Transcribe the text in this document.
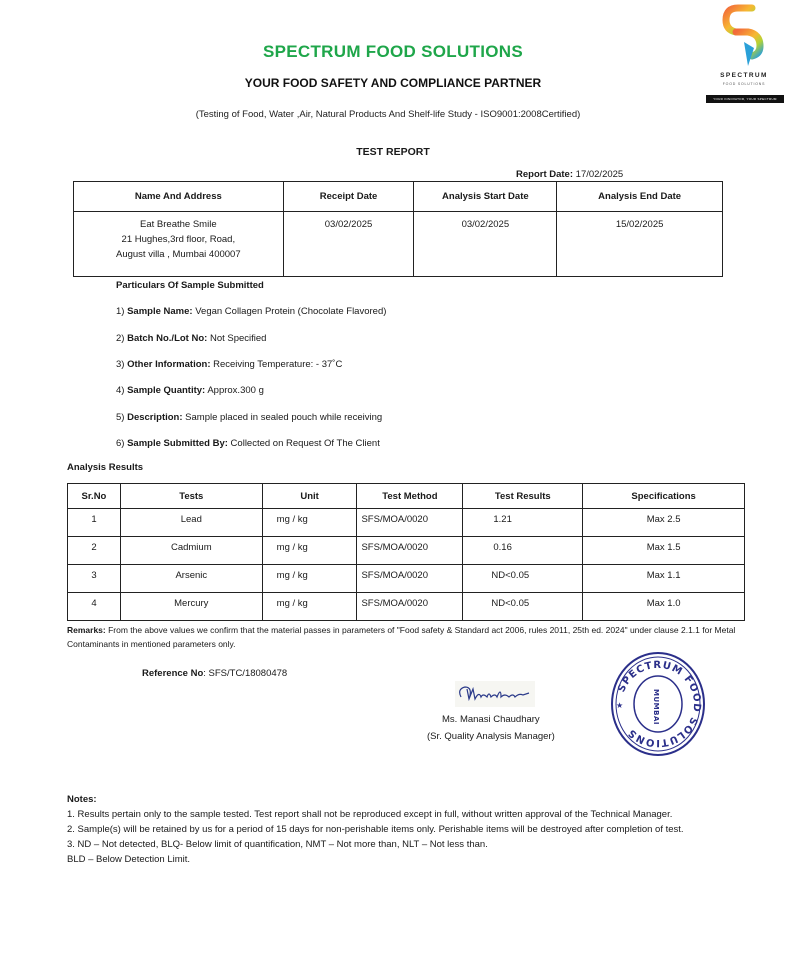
SPECTRUM
FOOD SOLUTIONS
YOUR INNOVATOR, YOUR SPECTRUM
SPECTRUM FOOD SOLUTIONS
YOUR FOOD SAFETY AND COMPLIANCE PARTNER
(Testing of Food, Water ,Air, Natural Products And Shelf-life Study - ISO9001:2008Certified)
TEST REPORT
Report Date: 17/02/2025
Name And Address	Receipt Date	Analysis Start Date	Analysis End Date

Eat Breathe Smile
21 Hughes,3rd floor, Road,
August villa , Mumbai 400007	03/02/2025	03/02/2025	15/02/2025
Particulars Of Sample Submitted
1) Sample Name: Vegan Collagen Protein (Chocolate Flavored)
2) Batch No./Lot No: Not Specified
3) Other Information: Receiving Temperature: - 37˚C
4) Sample Quantity: Approx.300 g
5) Description: Sample placed in sealed pouch while receiving
6) Sample Submitted By: Collected on Request Of The Client
Analysis Results
Sr.No	Tests	Unit	Test Method	Test Results	Specifications
1	Lead	mg / kg	SFS/MOA/0020	1.21	Max 2.5
2	Cadmium	mg / kg	SFS/MOA/0020	0.16	Max 1.5
3	Arsenic	mg / kg	SFS/MOA/0020	ND<0.05	Max 1.1
4	Mercury	mg / kg	SFS/MOA/0020	ND<0.05	Max 1.0
Remarks: From the above values we confirm that the material passes in parameters of "Food safety & Standard act 2006, rules 2011, 25th ed. 2024" under clause 2.1.1 for Metal Contaminants in mentioned parameters only.
Reference No: SFS/TC/18080478
Ms. Manasi Chaudhary
(Sr. Quality Analysis Manager)
SPECTRUM FOOD SOLUTIONS
★	MUMBAI
Notes:
1. Results pertain only to the sample tested. Test report shall not be reproduced except in full, without written approval of the Technical Manager.
2. Sample(s) will be retained by us for a period of 15 days for non-perishable items only. Perishable items will be destroyed after completion of test.
3. ND – Not detected, BLQ- Below limit of quantification, NMT – Not more than, NLT – Not less than.
BLD – Below Detection Limit.
